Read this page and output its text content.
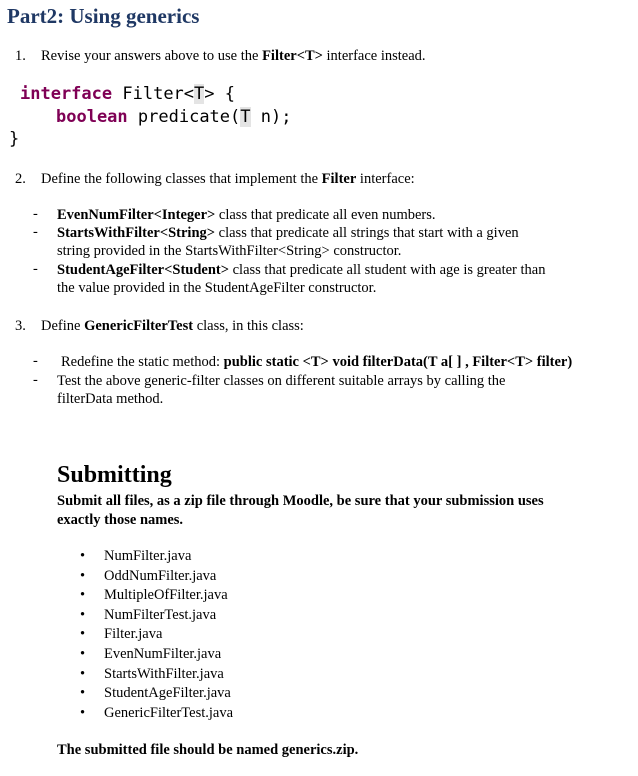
Part2: Using generics
1. Revise your answers above to use the Filter<T> interface instead.
interface Filter<T> {
boolean predicate(T n);
}
2. Define the following classes that implement the Filter interface:
- EvenNumFilter<Integer> class that predicate all even numbers.
- StartsWithFilter<String> class that predicate all strings that start with a given
string provided in the StartsWithFilter<String> constructor.
- StudentAgeFilter<Student> class that predicate all student with age is greater than
the value provided in the StudentAgeFilter constructor.
3. Define GenericFilterTest class, in this class:
- Redefine the static method: public static <T> void filterData(T a[ ] , Filter<T> filter)
- Test the above generic-filter classes on different suitable arrays by calling the
filterData method.
Submitting
Submit all files, as a zip file through Moodle, be sure that your submission uses
exactly those names.
• NumFilter.java
• OddNumFilter.java
• MultipleOfFilter.java
• NumFilterTest.java
• Filter.java
• EvenNumFilter.java
• StartsWithFilter.java
• StudentAgeFilter.java
• GenericFilterTest.java
The submitted file should be named generics.zip.
